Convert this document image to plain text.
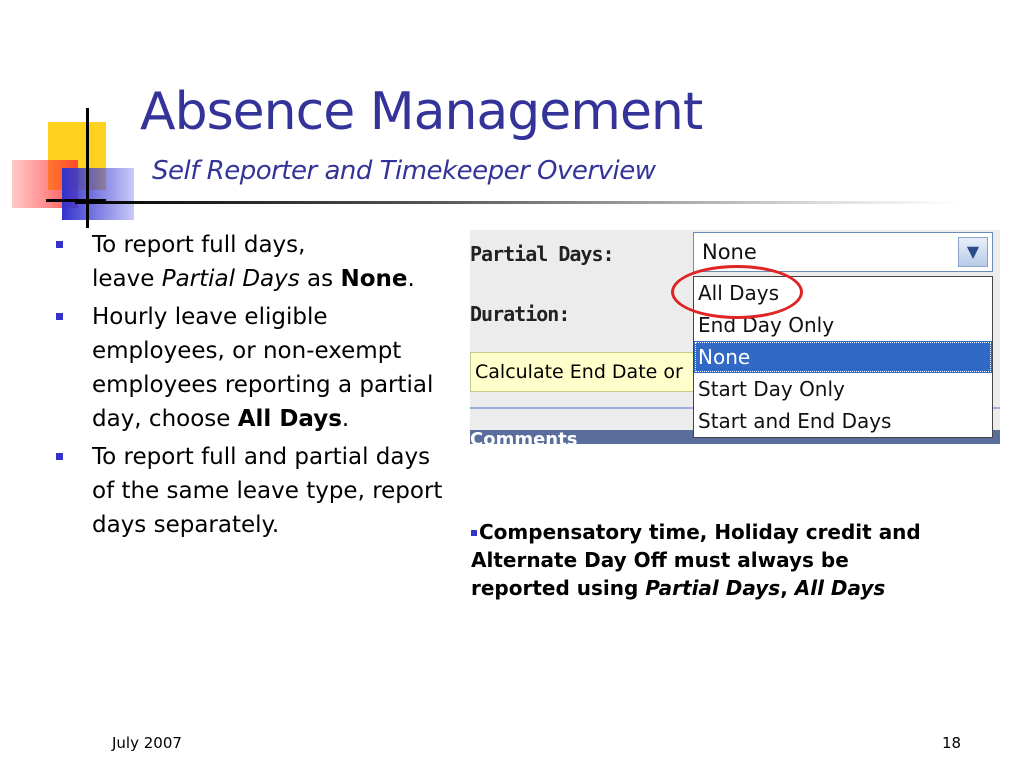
Absence Management
Self Reporter and Timekeeper Overview
To report full days,
leave Partial Days as None.
Hourly leave eligible employees, or non-exempt employees reporting a partial day, choose All Days.
To report full and partial days of the same leave type, report days separately.
Partial Days:	None	▼
Duration:
Calculate End Date or
Comments
All Days
End Day Only
None
Start Day Only
Start and End Days
Compensatory time, Holiday credit and Alternate Day Off must always be reported using Partial Days, All Days
July 2007	18
